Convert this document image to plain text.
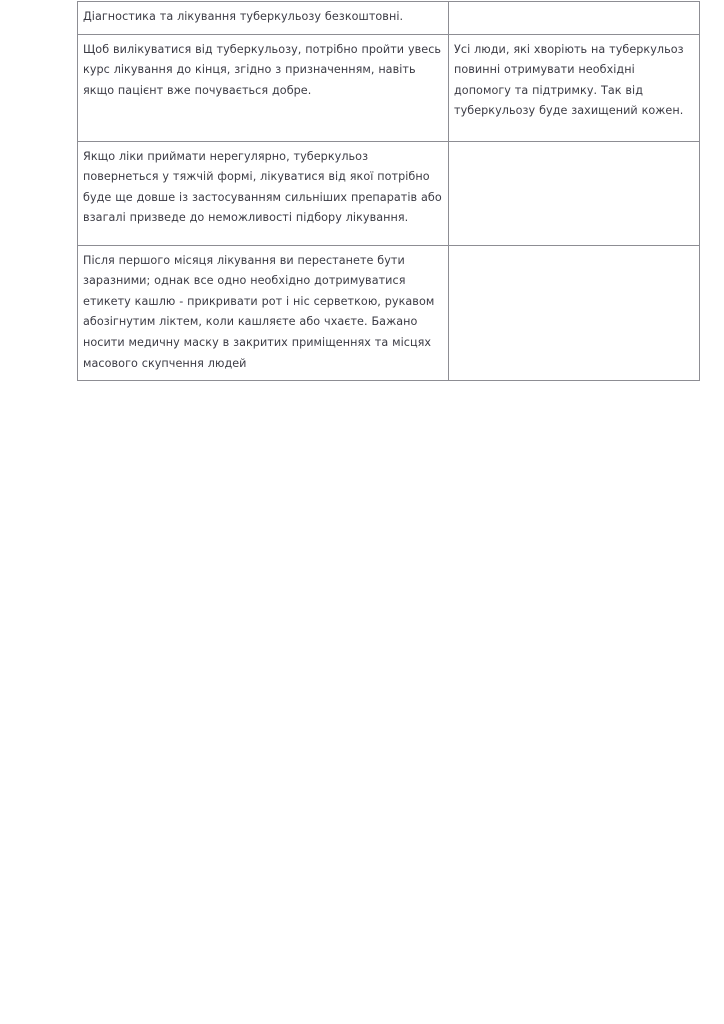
Діагностика та лікування туберкульозу безкоштовні.	

Щоб вилікуватися від туберкульозу, потрібно пройти увесь курс лікування до кінця, згідно з призначенням, навіть якщо пацієнт вже почувається добре.	Усі люди, які хворіють на туберкульоз повинні отримувати необхідні допомогу та підтримку. Так від туберкульозу буде захищений кожен.

Якщо ліки приймати нерегулярно, туберкульоз повернеться у тяжчій формі, лікуватися від якої потрібно буде ще довше із застосуванням сильніших препаратів або взагалі призведе до неможливості підбору лікування.	

Після першого місяця лікування ви перестанете бути заразними; однак все одно необхідно дотримуватися етикету кашлю - прикривати рот і ніс серветкою, рукавом абозігнутим ліктем, коли кашляєте або чхаєте. Бажано носити медичну маску в закритих приміщеннях та місцях масового скупчення людей	
